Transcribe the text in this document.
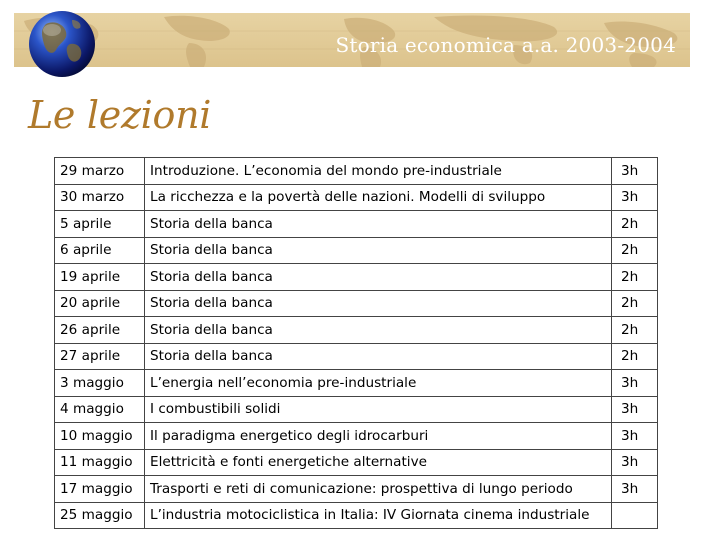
Storia economica a.a. 2003-2004
Le lezioni
29 marzo	Introduzione. L’economia del mondo pre-industriale	3h
30 marzo	La ricchezza e la povertà delle nazioni. Modelli di sviluppo	3h
5 aprile	Storia della banca	2h
6 aprile	Storia della banca	2h
19 aprile	Storia della banca	2h
20 aprile	Storia della banca	2h
26 aprile	Storia della banca	2h
27 aprile	Storia della banca	2h
3 maggio	L’energia nell’economia pre-industriale	3h
4 maggio	I combustibili solidi	3h
10 maggio	Il paradigma energetico degli idrocarburi	3h
11 maggio	Elettricità e fonti energetiche alternative	3h
17 maggio	Trasporti e reti di comunicazione: prospettiva di lungo periodo	3h
25 maggio	L’industria motociclistica in Italia: IV Giornata cinema industriale	
